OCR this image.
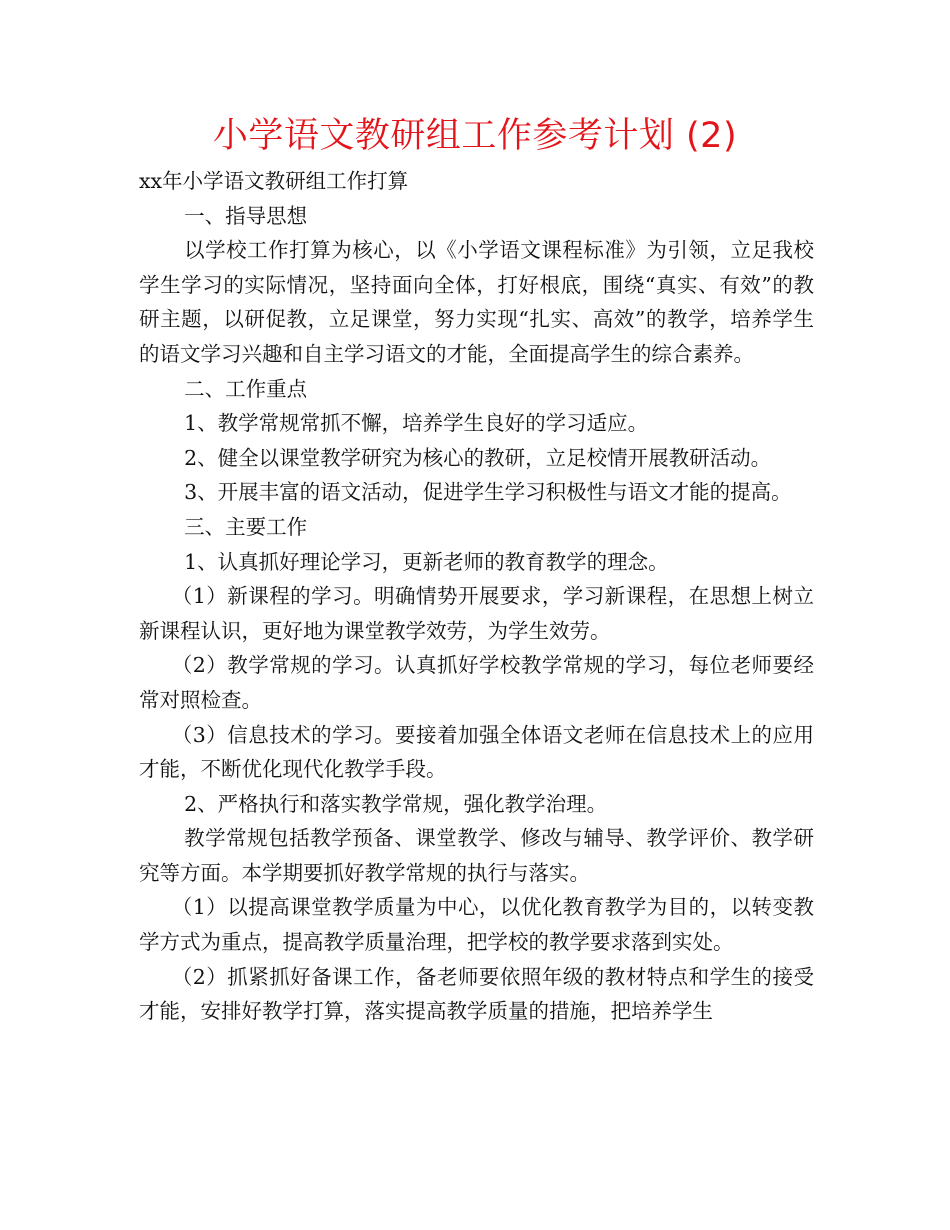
小学语文教研组工作参考计划 (2)

xx年小学语文教研组工作打算

一、指导思想

以学校工作打算为核心，以《小学语文课程标准》为引领，立足我校学生学习的实际情况，坚持面向全体，打好根底，围绕“真实、有效”的教研主题，以研促教，立足课堂，努力实现“扎实、高效”的教学，培养学生的语文学习兴趣和自主学习语文的才能，全面提高学生的综合素养。

二、工作重点

1、教学常规常抓不懈，培养学生良好的学习适应。

2、健全以课堂教学研究为核心的教研，立足校情开展教研活动。

3、开展丰富的语文活动，促进学生学习积极性与语文才能的提高。

三、主要工作

1、认真抓好理论学习，更新老师的教育教学的理念。

（1）新课程的学习。明确情势开展要求，学习新课程，在思想上树立新课程认识，更好地为课堂教学效劳，为学生效劳。

（2）教学常规的学习。认真抓好学校教学常规的学习，每位老师要经常对照检查。

（3）信息技术的学习。要接着加强全体语文老师在信息技术上的应用才能，不断优化现代化教学手段。

2、严格执行和落实教学常规，强化教学治理。

教学常规包括教学预备、课堂教学、修改与辅导、教学评价、教学研究等方面。本学期要抓好教学常规的执行与落实。

（1）以提高课堂教学质量为中心，以优化教育教学为目的，以转变教学方式为重点，提高教学质量治理，把学校的教学要求落到实处。

（2）抓紧抓好备课工作，备老师要依照年级的教材特点和学生的接受才能，安排好教学打算，落实提高教学质量的措施，把培养学生
